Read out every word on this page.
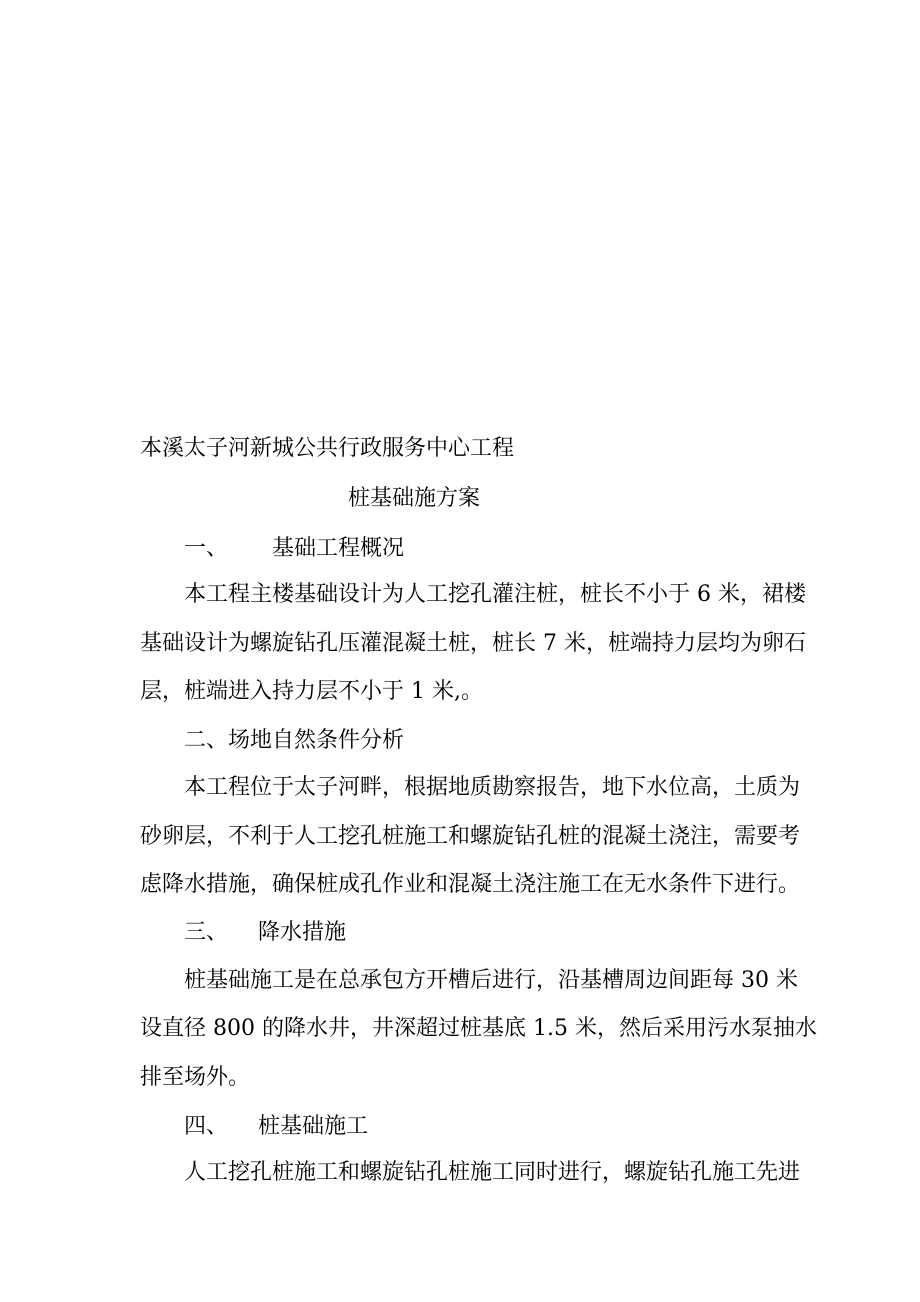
本溪太子河新城公共行政服务中心工程
桩基础施方案
一、 基础工程概况
本工程主楼基础设计为人工挖孔灌注桩，桩长不小于 6 米，裙楼
基础设计为螺旋钻孔压灌混凝土桩，桩长 7 米，桩端持力层均为卵石
层，桩端进入持力层不小于 1 米,。
二、场地自然条件分析
本工程位于太子河畔，根据地质勘察报告，地下水位高，土质为
砂卵层，不利于人工挖孔桩施工和螺旋钻孔桩的混凝土浇注，需要考
虑降水措施，确保桩成孔作业和混凝土浇注施工在无水条件下进行。
三、 降水措施
桩基础施工是在总承包方开槽后进行，沿基槽周边间距每 30 米
设直径 800 的降水井，井深超过桩基底 1.5 米，然后采用污水泵抽水
排至场外。
四、 桩基础施工
人工挖孔桩施工和螺旋钻孔桩施工同时进行，螺旋钻孔施工先进
